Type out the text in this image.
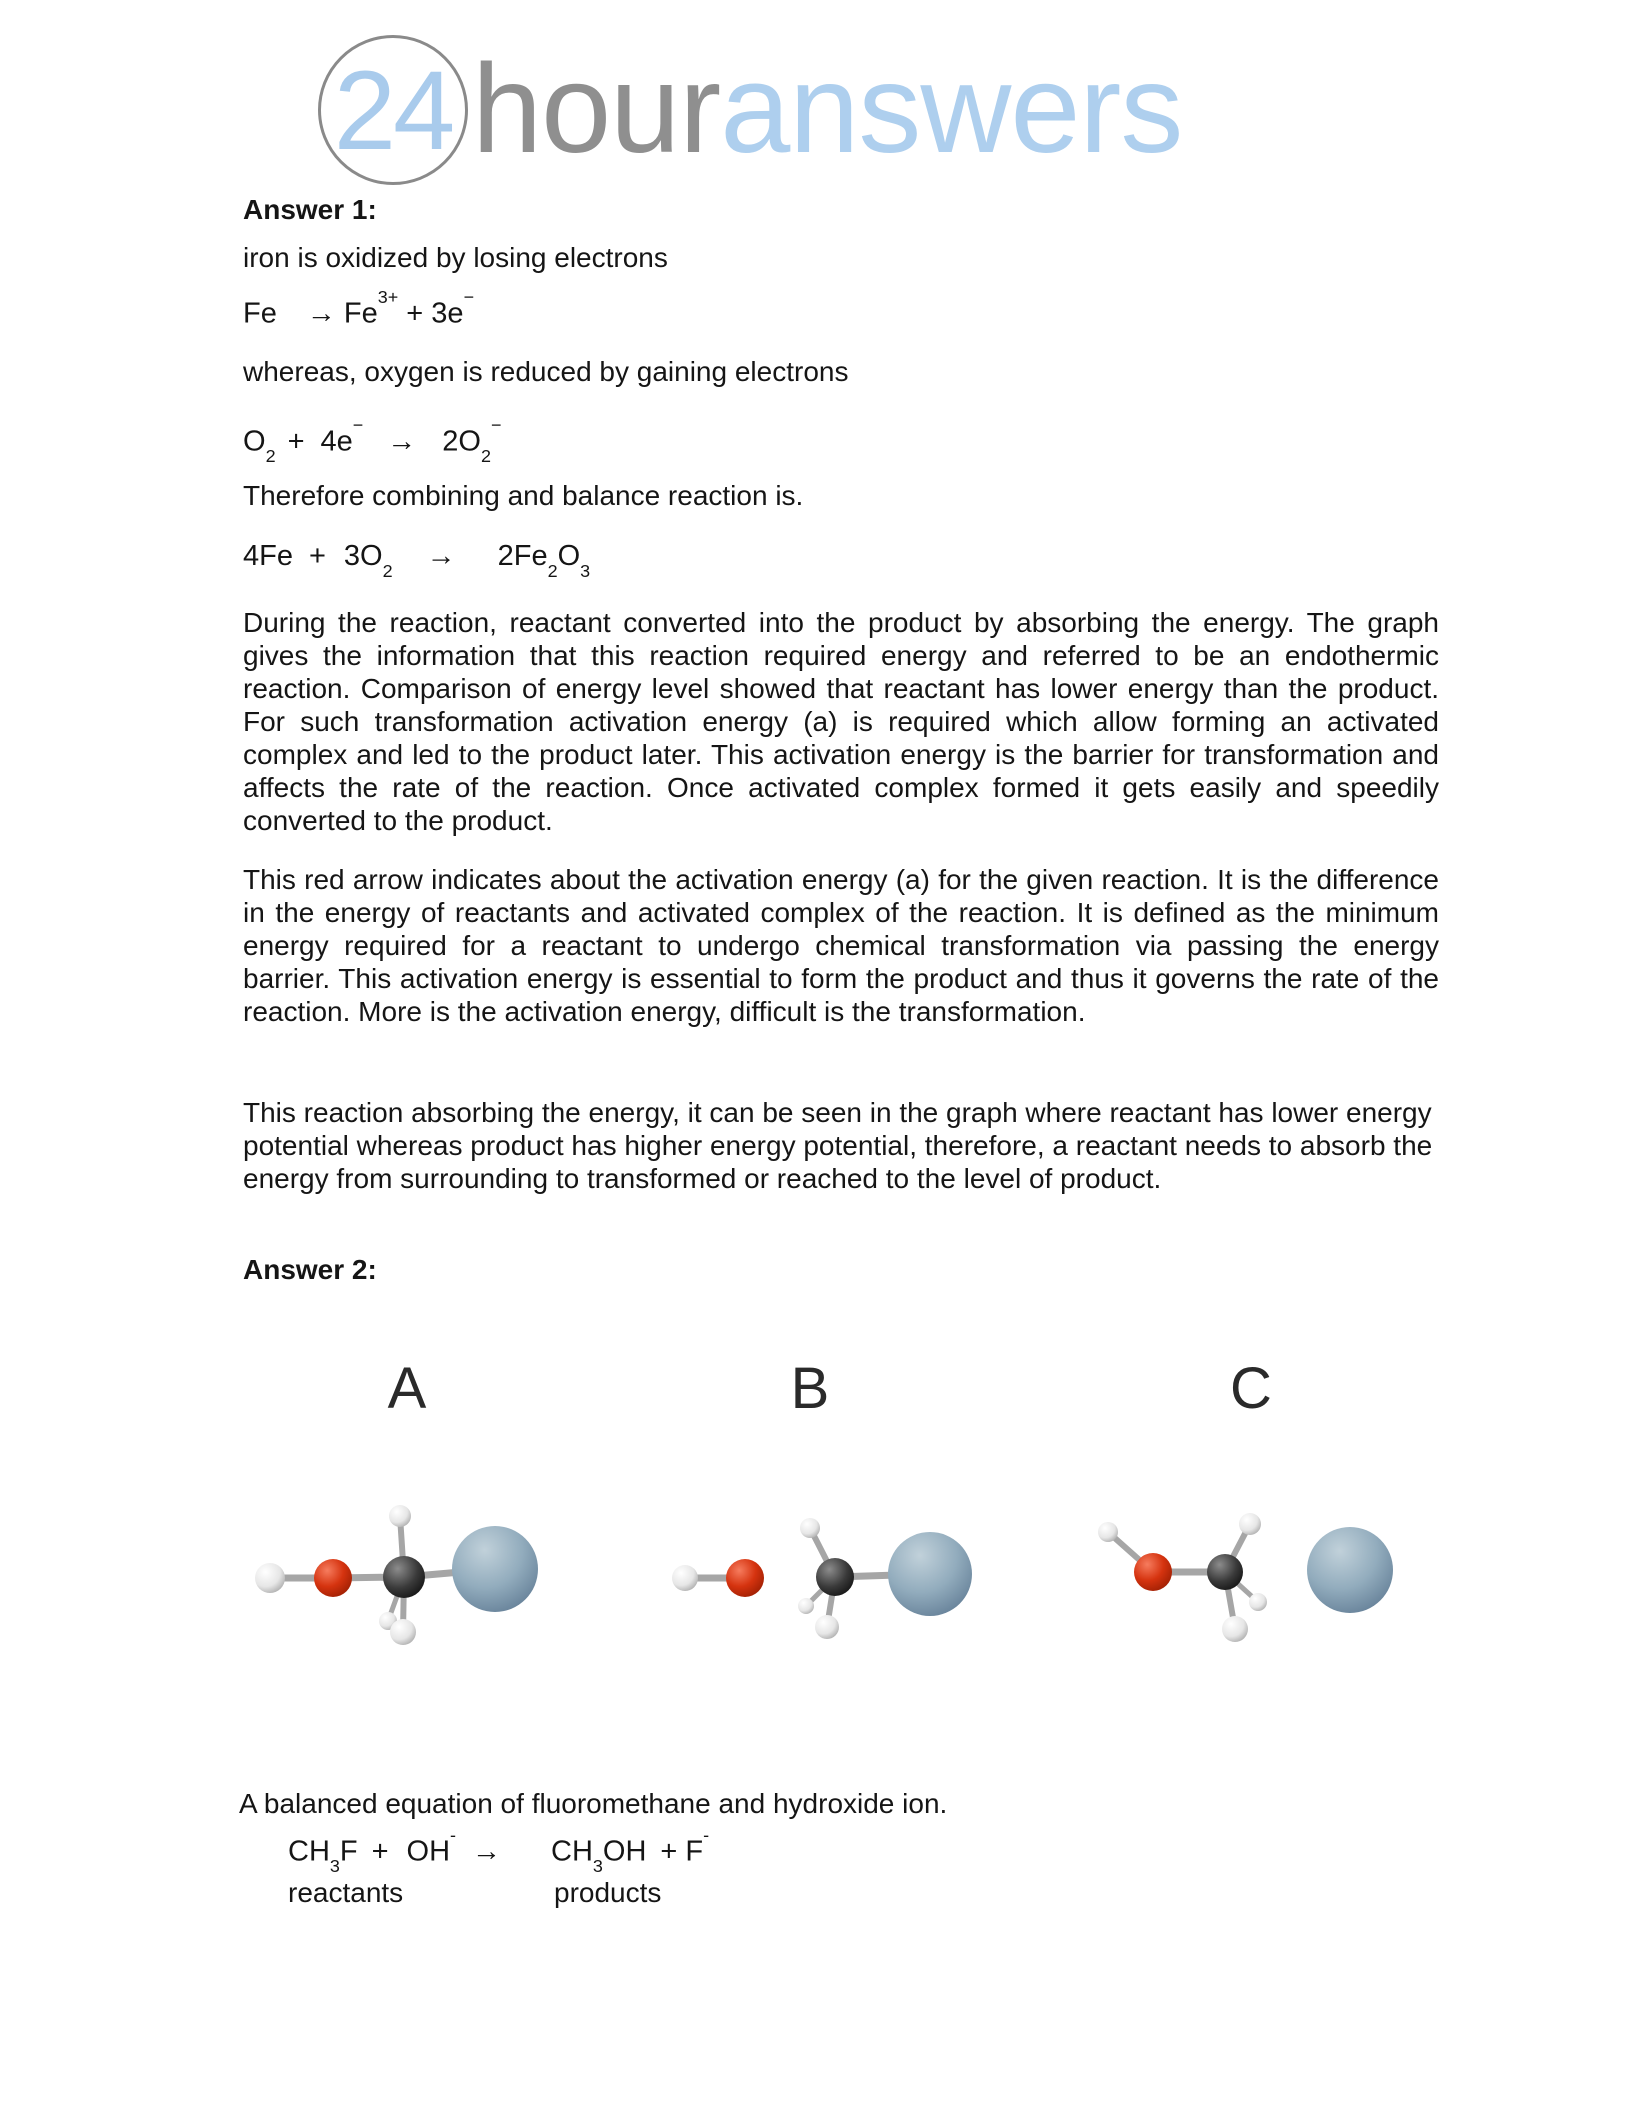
24 hour answers
Answer 1:
iron is oxidized by losing electrons
$Fe \to Fe^{3+} + 3e^-$
whereas, oxygen is reduced by gaining electrons
$O_2 + 4e^-\to 2O_2^-$
Therefore combining and balance reaction is.
$4Fe + 3O_2 \to 2Fe_2O_3$
During the reaction, reactant converted into the product by absorbing the energy. The graph gives the information that this reaction required energy and referred to be an endothermic reaction. Comparison of energy level showed that reactant has lower energy than the product. For such transformation activation energy (a) is required which allow forming an activated complex and led to the product later. This activation energy is the barrier for transformation and affects the rate of the reaction. Once activated complex formed it gets easily and speedily converted to the product.
This red arrow indicates about the activation energy (a) for the given reaction. It is the difference in the energy of reactants and activated complex of the reaction. It is defined as the minimum energy required for a reactant to undergo chemical transformation via passing the energy barrier. This activation energy is essential to form the product and thus it governs the rate of the reaction. More is the activation energy, difficult is the transformation.
This reaction absorbing the energy, it can be seen in the graph where reactant has lower energy potential whereas product has higher energy potential, therefore, a reactant needs to absorb the energy from surrounding to transformed or reached to the level of product.
Answer 2:
A	B	C
A balanced equation of fluoromethane and hydroxide ion.
$CH_3F + OH^-\to CH_3OH + F^-$
reactants	products
